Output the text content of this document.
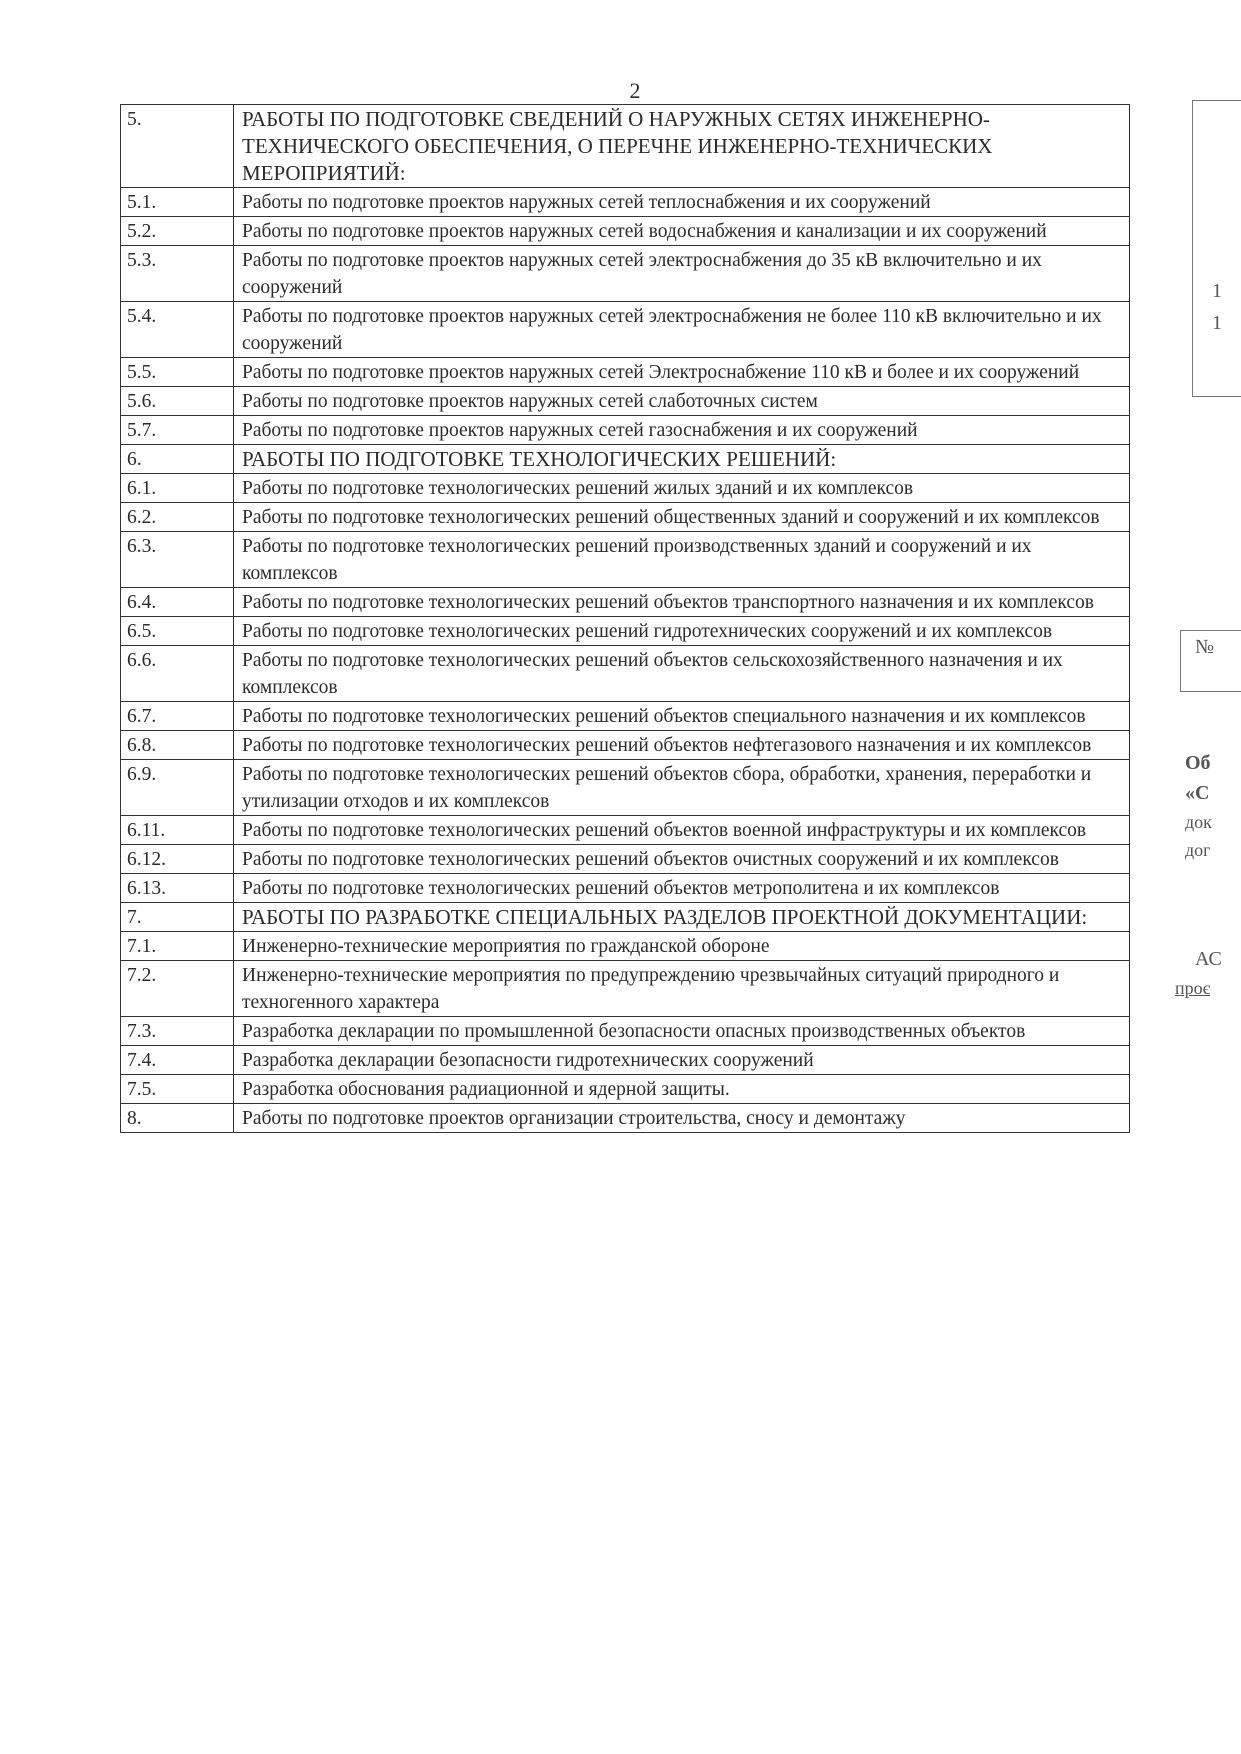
2
5.	РАБОТЫ ПО ПОДГОТОВКЕ СВЕДЕНИЙ О НАРУЖНЫХ СЕТЯХ ИНЖЕНЕРНО-ТЕХНИЧЕСКОГО ОБЕСПЕЧЕНИЯ, О ПЕРЕЧНЕ ИНЖЕНЕРНО-ТЕХНИЧЕСКИХ МЕРОПРИЯТИЙ:
5.1.	Работы по подготовке проектов наружных сетей теплоснабжения и их сооружений
5.2.	Работы по подготовке проектов наружных сетей водоснабжения и канализации и их сооружений
5.3.	Работы по подготовке проектов наружных сетей электроснабжения до 35 кВ включительно и их сооружений
5.4.	Работы по подготовке проектов наружных сетей электроснабжения не более 110 кВ включительно и их сооружений
5.5.	Работы по подготовке проектов наружных сетей Электроснабжение 110 кВ и более и их сооружений
5.6.	Работы по подготовке проектов наружных сетей слаботочных систем
5.7.	Работы по подготовке проектов наружных сетей газоснабжения и их сооружений
6.	РАБОТЫ ПО ПОДГОТОВКЕ ТЕХНОЛОГИЧЕСКИХ РЕШЕНИЙ:
6.1.	Работы по подготовке технологических решений жилых зданий и их комплексов
6.2.	Работы по подготовке технологических решений общественных зданий и сооружений и их комплексов
6.3.	Работы по подготовке технологических решений производственных зданий и сооружений и их комплексов
6.4.	Работы по подготовке технологических решений объектов транспортного назначения и их комплексов
6.5.	Работы по подготовке технологических решений гидротехнических сооружений и их комплексов
6.6.	Работы по подготовке технологических решений объектов сельскохозяйственного назначения и их комплексов
6.7.	Работы по подготовке технологических решений объектов специального назначения и их комплексов
6.8.	Работы по подготовке технологических решений объектов нефтегазового назначения и их комплексов
6.9.	Работы по подготовке технологических решений объектов сбора, обработки, хранения, переработки и утилизации отходов и их комплексов
6.11.	Работы по подготовке технологических решений объектов военной инфраструктуры и их комплексов
6.12.	Работы по подготовке технологических решений объектов очистных сооружений и их комплексов
6.13.	Работы по подготовке технологических решений объектов метрополитена и их комплексов
7.	РАБОТЫ ПО РАЗРАБОТКЕ СПЕЦИАЛЬНЫХ РАЗДЕЛОВ ПРОЕКТНОЙ ДОКУМЕНТАЦИИ:
7.1.	Инженерно-технические мероприятия по гражданской обороне
7.2.	Инженерно-технические мероприятия по предупреждению чрезвычайных ситуаций природного и техногенного характера
7.3.	Разработка декларации по промышленной безопасности опасных производственных объектов
7.4.	Разработка декларации безопасности гидротехнических сооружений
7.5.	Разработка обоснования радиационной и ядерной защиты.
8.	Работы по подготовке проектов организации строительства, сносу и демонтажу
1
1
№
Об
«С
док
дог
АС
проє
